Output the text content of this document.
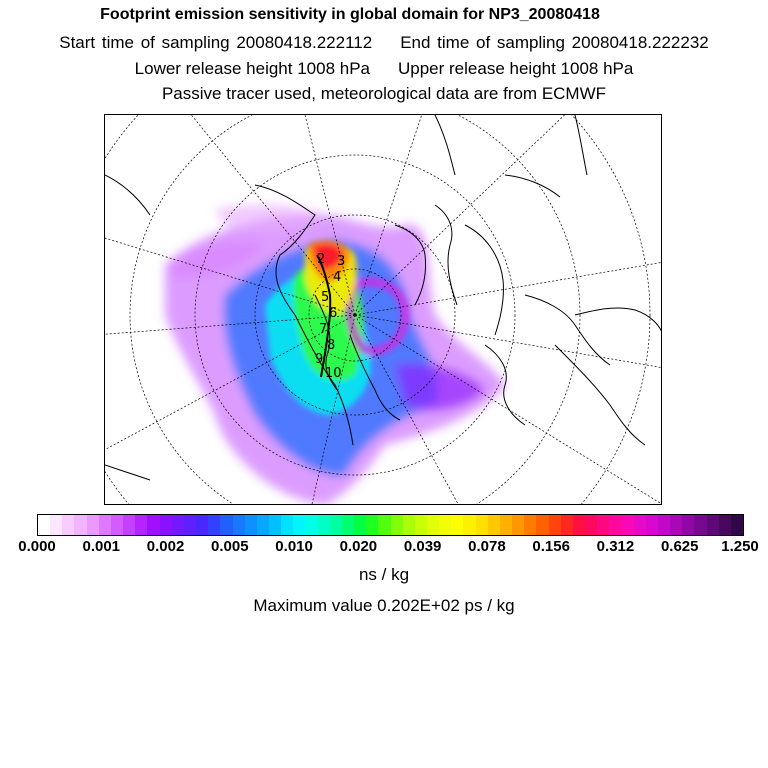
Footprint emission sensitivity in global domain for NP3_20080418
Start time of sampling 20080418.222112 End time of sampling 20080418.222232
Lower release height 1008 hPa Upper release height 1008 hPa
Passive tracer used, meteorological data are from ECMWF
2 3
4
5
6
7
8
9
10
0.000 0.001 0.002 0.005 0.010 0.020 0.039 0.078 0.156 0.312 0.625 1.250
ns / kg
Maximum value 0.202E+02 ps / kg
